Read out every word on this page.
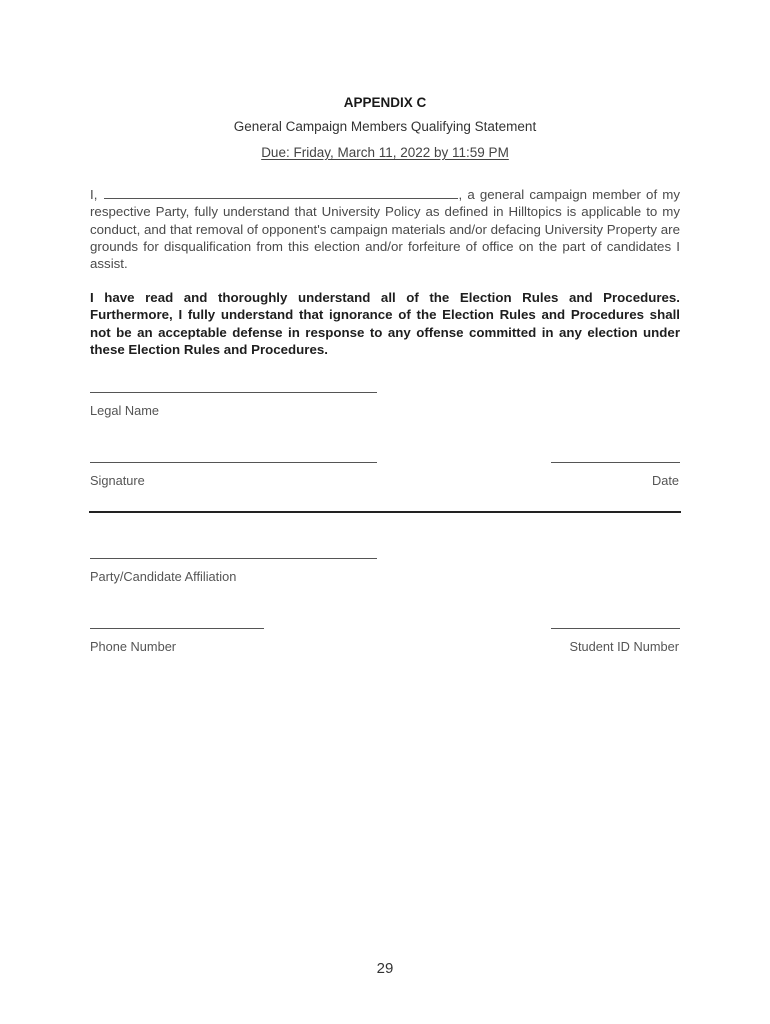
APPENDIX C
General Campaign Members Qualifying Statement
Due: Friday, March 11, 2022 by 11:59 PM
I,	, a general campaign member of my respective Party, fully understand that University Policy as defined in Hilltopics is applicable to my conduct, and that removal of opponent's campaign materials and/or defacing University Property are grounds for disqualification from this election and/or forfeiture of office on the part of candidates I assist.
I have read and thoroughly understand all of the Election Rules and Procedures. Furthermore, I fully understand that ignorance of the Election Rules and Procedures shall not be an acceptable defense in response to any offense committed in any election under these Election Rules and Procedures.
Legal Name
Signature	Date
Party/Candidate Affiliation
Phone Number	Student ID Number
29
